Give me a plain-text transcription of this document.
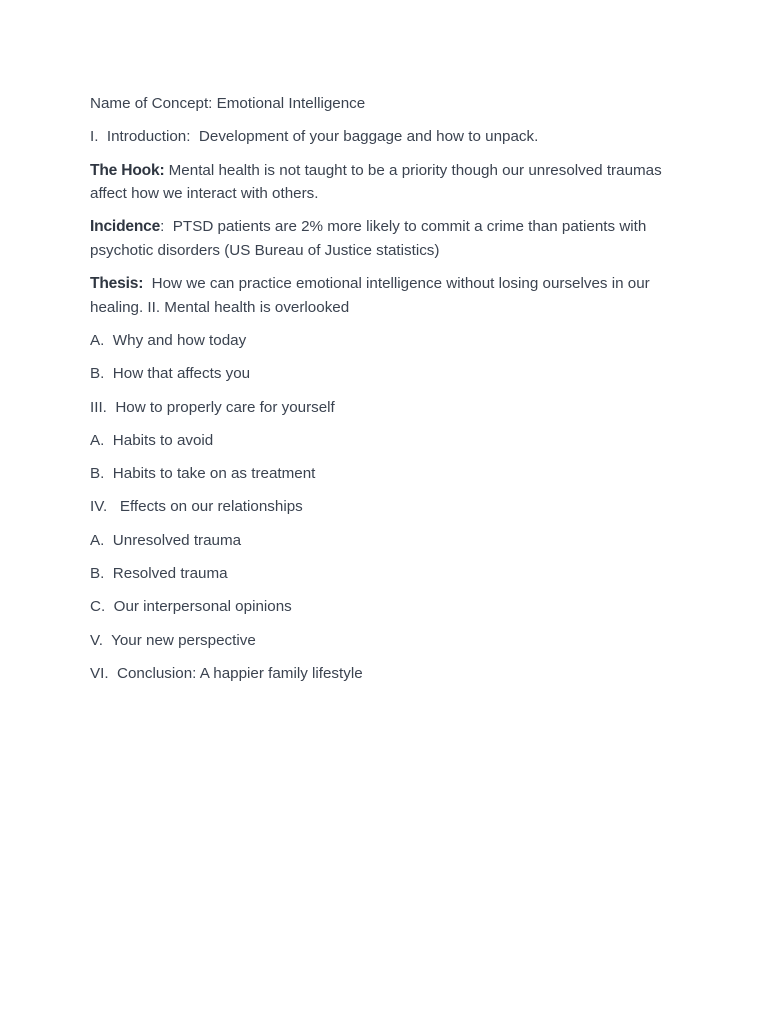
Name of Concept: Emotional Intelligence

I.  Introduction:  Development of your baggage and how to unpack.

The Hook: Mental health is not taught to be a priority though our unresolved traumas affect how we interact with others.

Incidence:  PTSD patients are 2% more likely to commit a crime than patients with psychotic disorders (US Bureau of Justice statistics)

Thesis:  How we can practice emotional intelligence without losing ourselves in our healing. II. Mental health is overlooked

A.  Why and how today

B.  How that affects you

III.  How to properly care for yourself

A.  Habits to avoid

B.  Habits to take on as treatment

IV.   Effects on our relationships

A.  Unresolved trauma

B.  Resolved trauma

C.  Our interpersonal opinions

V.  Your new perspective

VI.  Conclusion: A happier family lifestyle
